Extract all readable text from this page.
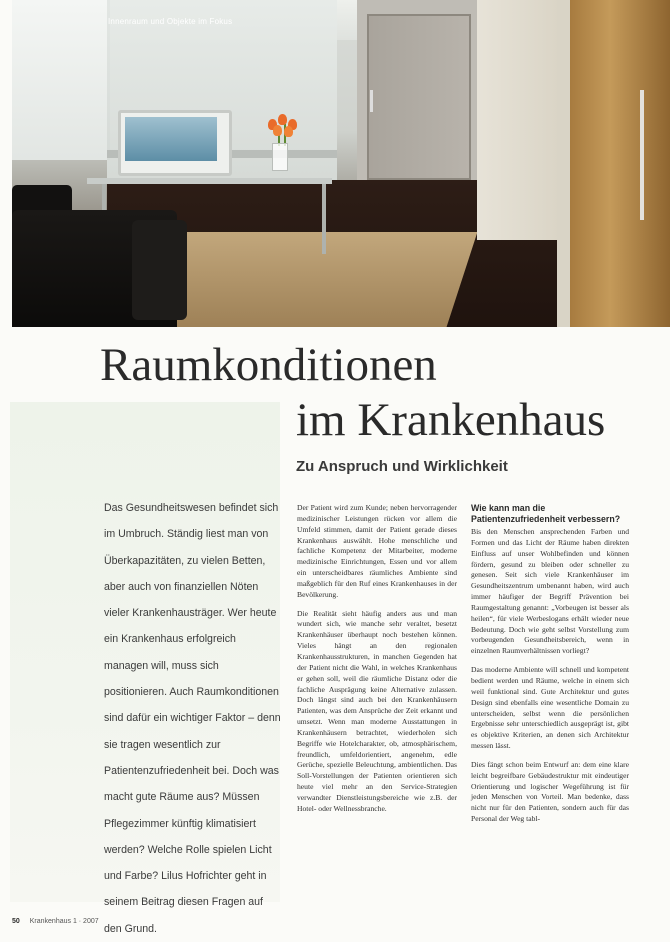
Innenraum und Objekte im Fokus
Raumkonditionen
im Krankenhaus
Zu Anspruch und Wirklichkeit

Das Gesundheitswesen befindet sich im Umbruch. Ständig liest man von Überkapazitäten, zu vielen Betten, aber auch von finanziellen Nöten vieler Krankenhausträger. Wer heute ein Krankenhaus erfolgreich managen will, muss sich positionieren. Auch Raumkonditionen sind dafür ein wichtiger Faktor – denn sie tragen wesentlich zur Patientenzufriedenheit bei. Doch was macht gute Räume aus? Müssen Pflegezimmer künftig klimatisiert werden? Welche Rolle spielen Licht und Farbe? Lilus Hofrichter geht in seinem Beitrag diesen Fragen auf den Grund.

Der Patient wird zum Kunde; neben hervorragender medizinischer Leistungen rücken vor allem die Umfeld stimmen, damit der Patient gerade dieses Krankenhaus auswählt. Hohe menschliche und fachliche Kompetenz der Mitarbeiter, moderne medizinische Einrichtungen, Essen und vor allem ein unterscheidbares räumliches Ambiente sind maßgeblich für den Ruf eines Krankenhauses in der Bevölkerung.

Die Realität sieht häufig anders aus und man wundert sich, wie manche sehr veraltet, besetzt Krankenhäuser überhaupt noch bestehen können. Vieles hängt an den regionalen Krankenhausstrukturen, in manchen Gegenden hat der Patient nicht die Wahl, in welches Krankenhaus er gehen soll, weil die räumliche Distanz oder die fachliche Ausprägung keine Alternative zulassen. Doch längst sind auch bei den Krankenhäusern Patienten, was dem Ansprüche der Zeit erkannt und umsetzt. Wenn man moderne Ausstattungen in Krankenhäusern betrachtet, wiederholen sich Begriffe wie Hotelcharakter, ob, atmosphärischem, freundlich, umfeldorientiert, angenehm, edle Gerüche, spezielle Beleuchtung, ambientlichen. Das Soll-Vorstellungen der Patienten orientieren sich heute viel mehr an den Service-Strategien verwandter Dienstleistungsbereiche wie z.B. der Hotel- oder Wellnessbranche.

Wie kann man die Patientenzufriedenheit verbessern?

Bis den Menschen ansprechenden Farben und Formen und das Licht der Räume haben direkten Einfluss auf unser Wohlbefinden und können fördern, gesund zu bleiben oder schneller zu genesen. Seit sich viele Krankenhäuser im Gesundheitszentrum umbenannt haben, wird auch immer häufiger der Begriff Prävention bei Raumgestaltung genannt: „Vorbeugen ist besser als heilen“, für viele Werbeslogans erhält wieder neue Bedeutung. Doch wie geht selbst Vorstellung zum vorbeugenden Gesundheitsbereich, wenn in einzelnen Raumverhältnissen vorliegt?

Das moderne Ambiente will schnell und kompetent bedient werden und Räume, welche in einem sich weil funktional sind. Gute Architektur und gutes Design sind ebenfalls eine wesentliche Domain zu unterscheiden, selbst wenn die persönlichen Ergebnisse sehr unterschiedlich ausgeprägt ist, gibt es objektive Kriterien, an denen sich Architektur messen lässt.

Dies fängt schon beim Entwurf an: dem eine klare leicht begreifbare Gebäudestruktur mit eindeutiger Orientierung und logischer Wegeführung ist für jeden Menschen von Vorteil. Man bedenke, dass nicht nur für den Patienten, sondern auch für das Personal der Weg tabl-

50 Krankenhaus 1 · 2007
